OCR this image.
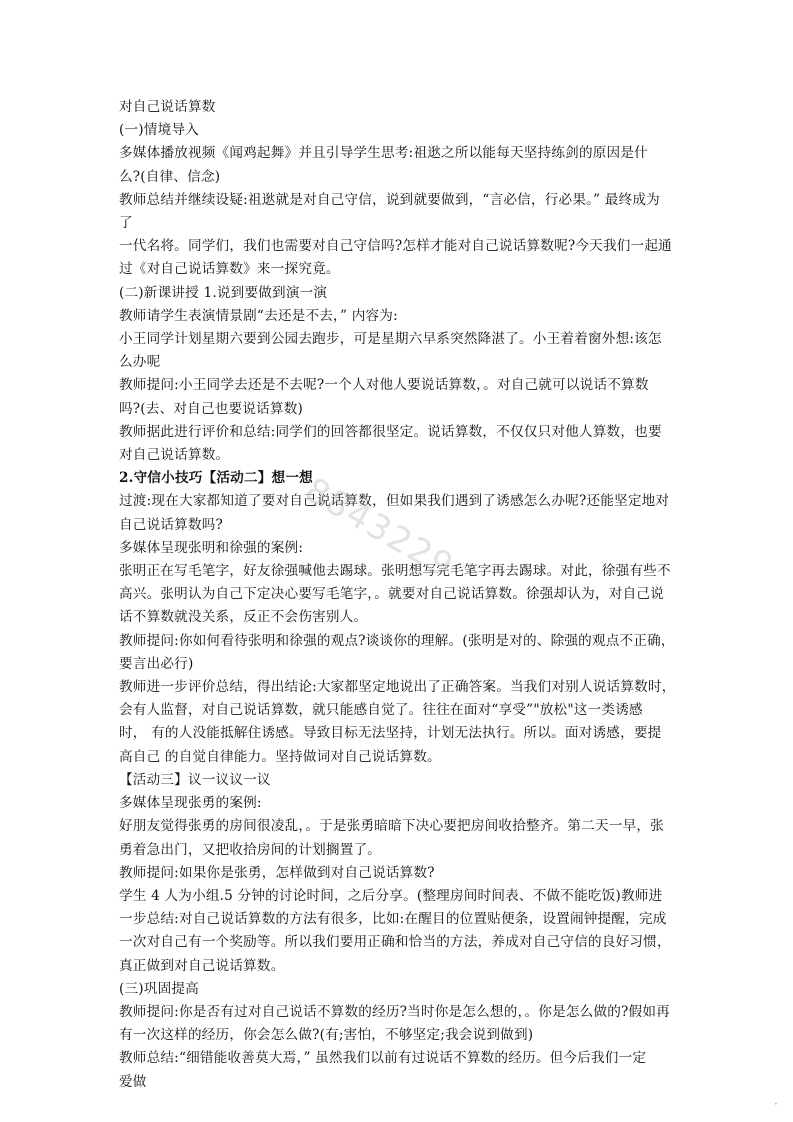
对自己说话算数

(一)情境导入

多媒体播放视频《闻鸡起舞》并且引导学生思考:祖逖之所以能每天坚持练剑的原因是什

么?(自律、信念)

教师总结并继续设疑:祖逖就是对自己守信，说到就要做到，“言必信，行必果。” 最终成为

了

一代名将。同学们，我们也需要对自己守信吗?怎样才能对自己说话算数呢?今天我们一起通

过《对自己说话算数》来一探究竟。

(二)新课讲授 1.说到要做到演一演

教师请学生表演情景剧“去还是不去，” 内容为:

小王同学计划星期六要到公园去跑步，可是星期六早系突然降湛了。小王着着窗外想:该怎

么办呢

教师提问:小王同学去还是不去呢?一个人对他人要说话算数，。对自己就可以说话不算数

吗?(去、对自己也要说话算数)

教师据此进行评价和总结:同学们的回答都很坚定。说话算数，不仅仅只对他人算数，也要

对自己说话算数。

2.守信小技巧【活动二】想一想

过渡:现在大家都知道了要对自己说话算数，但如果我们遇到了诱感怎么办呢?还能坚定地对

自己说话算数吗?

多媒体呈现张明和徐强的案例:

张明正在写毛笔字，好友徐强喊他去踢球。张明想写完毛笔字再去踢球。对此，徐强有些不

高兴。张明认为自己下定决心要写毛笔字，。就要对自己说话算数。徐强却认为，对自己说

话不算数就没关系，反正不会伤害别人。

教师提问:你如何看待张明和徐强的观点?谈谈你的理解。(张明是对的、除强的观点不正确，

要言出必行)

教师进一步评价总结，得出结论:大家都坚定地说出了正确答案。当我们对别人说话算数时，

会有人监督，对自己说话算数，就只能感自觉了。往往在面对“享受”"放松"这一类诱感

时， 有的人没能抵解住诱感。导致目标无法坚持，计划无法执行。所以。面对诱感，要提

高自己 的自觉自律能力。坚持做词对自己说话算数。

【活动三】议一议议一议

多媒体呈现张勇的案例:

好朋友觉得张勇的房间很凌乱，。于是张勇暗暗下决心要把房间收拾整齐。第二天一早，张

勇着急出门，又把收拾房间的计划搁置了。

教师提问:如果你是张勇，怎样做到对自己说话算数?

学生 4 人为小组.5 分钟的讨论时间，之后分享。(整理房间时间表、不做不能吃饭)教师进

一步总结:对自己说话算数的方法有很多，比如:在醒目的位置贴便条，设置闹钟提醒，完成

一次对自己有一个奖励等。所以我们要用正确和恰当的方法，养成对自己守信的良好习惯，

真正做到对自己说话算数。

(三)巩固提高

教师提问:你是否有过对自己说话不算数的经历?当时你是怎么想的，。你是怎么做的?假如再

有一次这样的经历，你会怎么做?(有;害怕，不够坚定;我会说到做到)

教师总结:“细错能收善莫大焉，” 虽然我们以前有过说话不算数的经历。但今后我们一定

爱做

8843229
·
